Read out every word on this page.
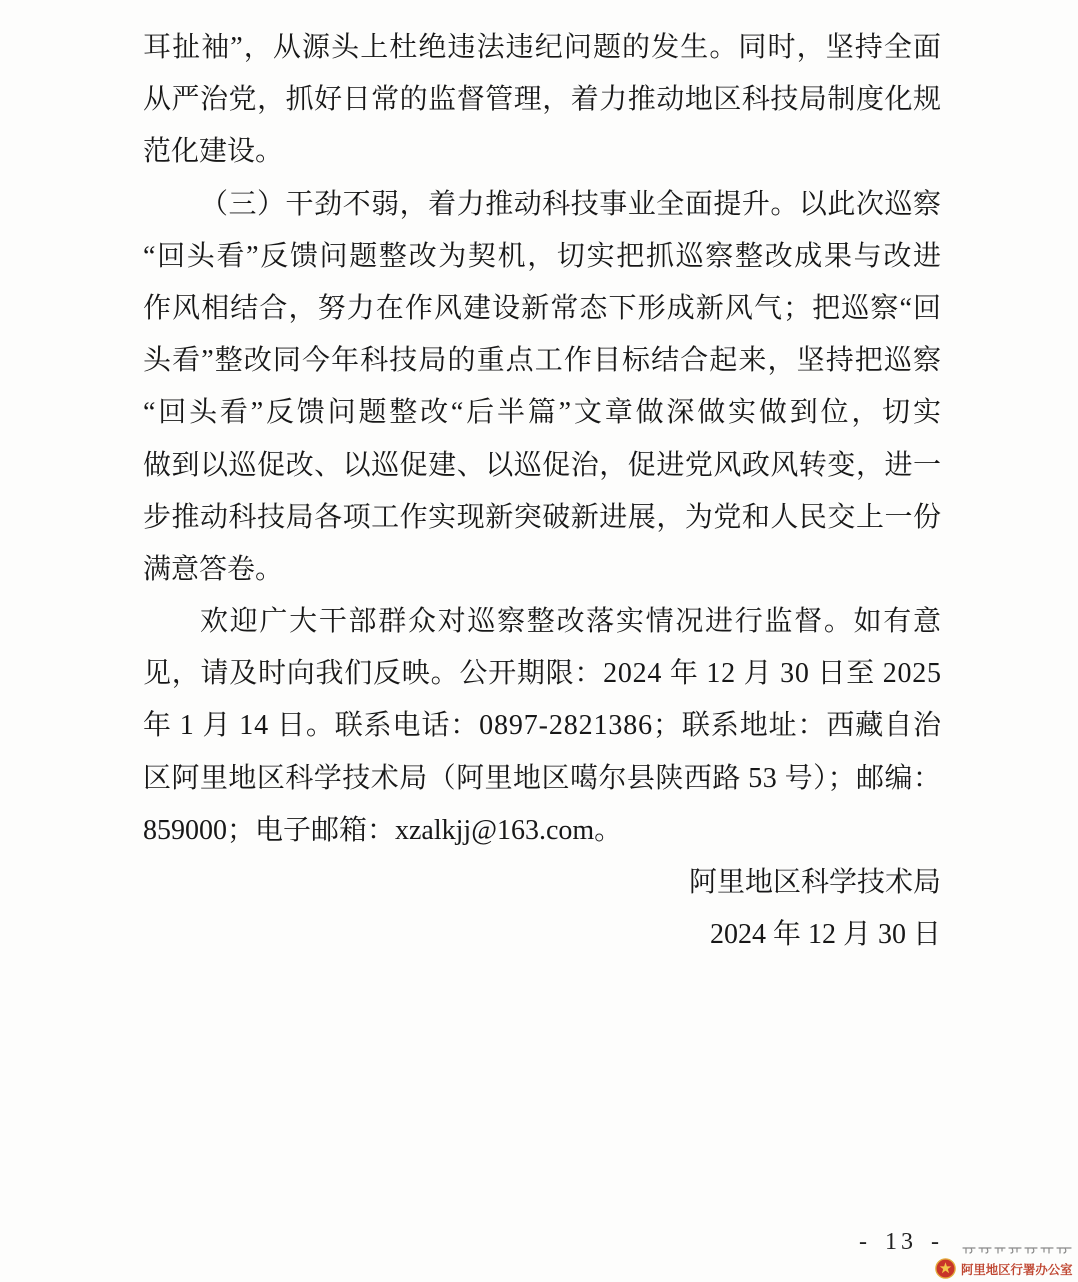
耳扯袖”，从源头上杜绝违法违纪问题的发生。同时，坚持全面
从严治党，抓好日常的监督管理，着力推动地区科技局制度化规
范化建设。
（三）干劲不弱，着力推动科技事业全面提升。以此次巡察
“回头看”反馈问题整改为契机，切实把抓巡察整改成果与改进
作风相结合，努力在作风建设新常态下形成新风气；把巡察“回
头看”整改同今年科技局的重点工作目标结合起来，坚持把巡察
“回头看”反馈问题整改“后半篇”文章做深做实做到位，切实
做到以巡促改、以巡促建、以巡促治，促进党风政风转变，进一
步推动科技局各项工作实现新突破新进展，为党和人民交上一份
满意答卷。
欢迎广大干部群众对巡察整改落实情况进行监督。如有意
见，请及时向我们反映。公开期限：2024 年 12 月 30 日至 2025
年 1 月 14 日。联系电话：0897-2821386；联系地址：西藏自治
区阿里地区科学技术局（阿里地区噶尔县陕西路 53 号）；邮编：
859000；电子邮箱：xzalkjj@163.com。
阿里地区科学技术局
2024 年 12 月 30 日
- 13 -
阿里地区行署办公室
